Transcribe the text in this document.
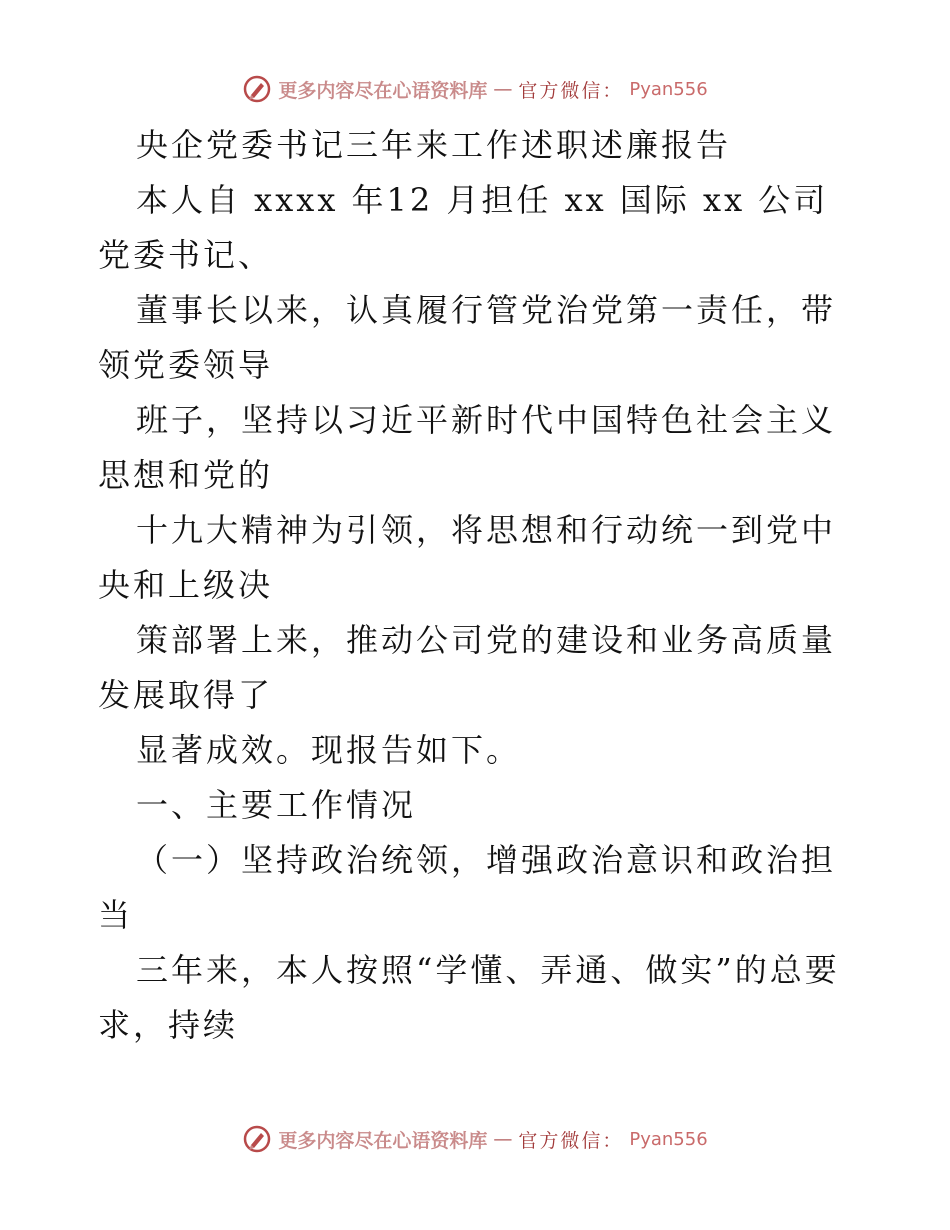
更多内容尽在心语资料库 — 官方微信： Pyan556

央企党委书记三年来工作述职述廉报告

本人自 xxxx 年12 月担任 xx 国际 xx 公司党委书记、

董事长以来，认真履行管党治党第一责任，带领党委领导

班子，坚持以习近平新时代中国特色社会主义思想和党的

十九大精神为引领，将思想和行动统一到党中央和上级决

策部署上来，推动公司党的建设和业务高质量发展取得了

显著成效。现报告如下。

一、主要工作情况

（一）坚持政治统领，增强政治意识和政治担当

三年来，本人按照“学懂、弄通、做实”的总要求，持续

更多内容尽在心语资料库 — 官方微信： Pyan556
